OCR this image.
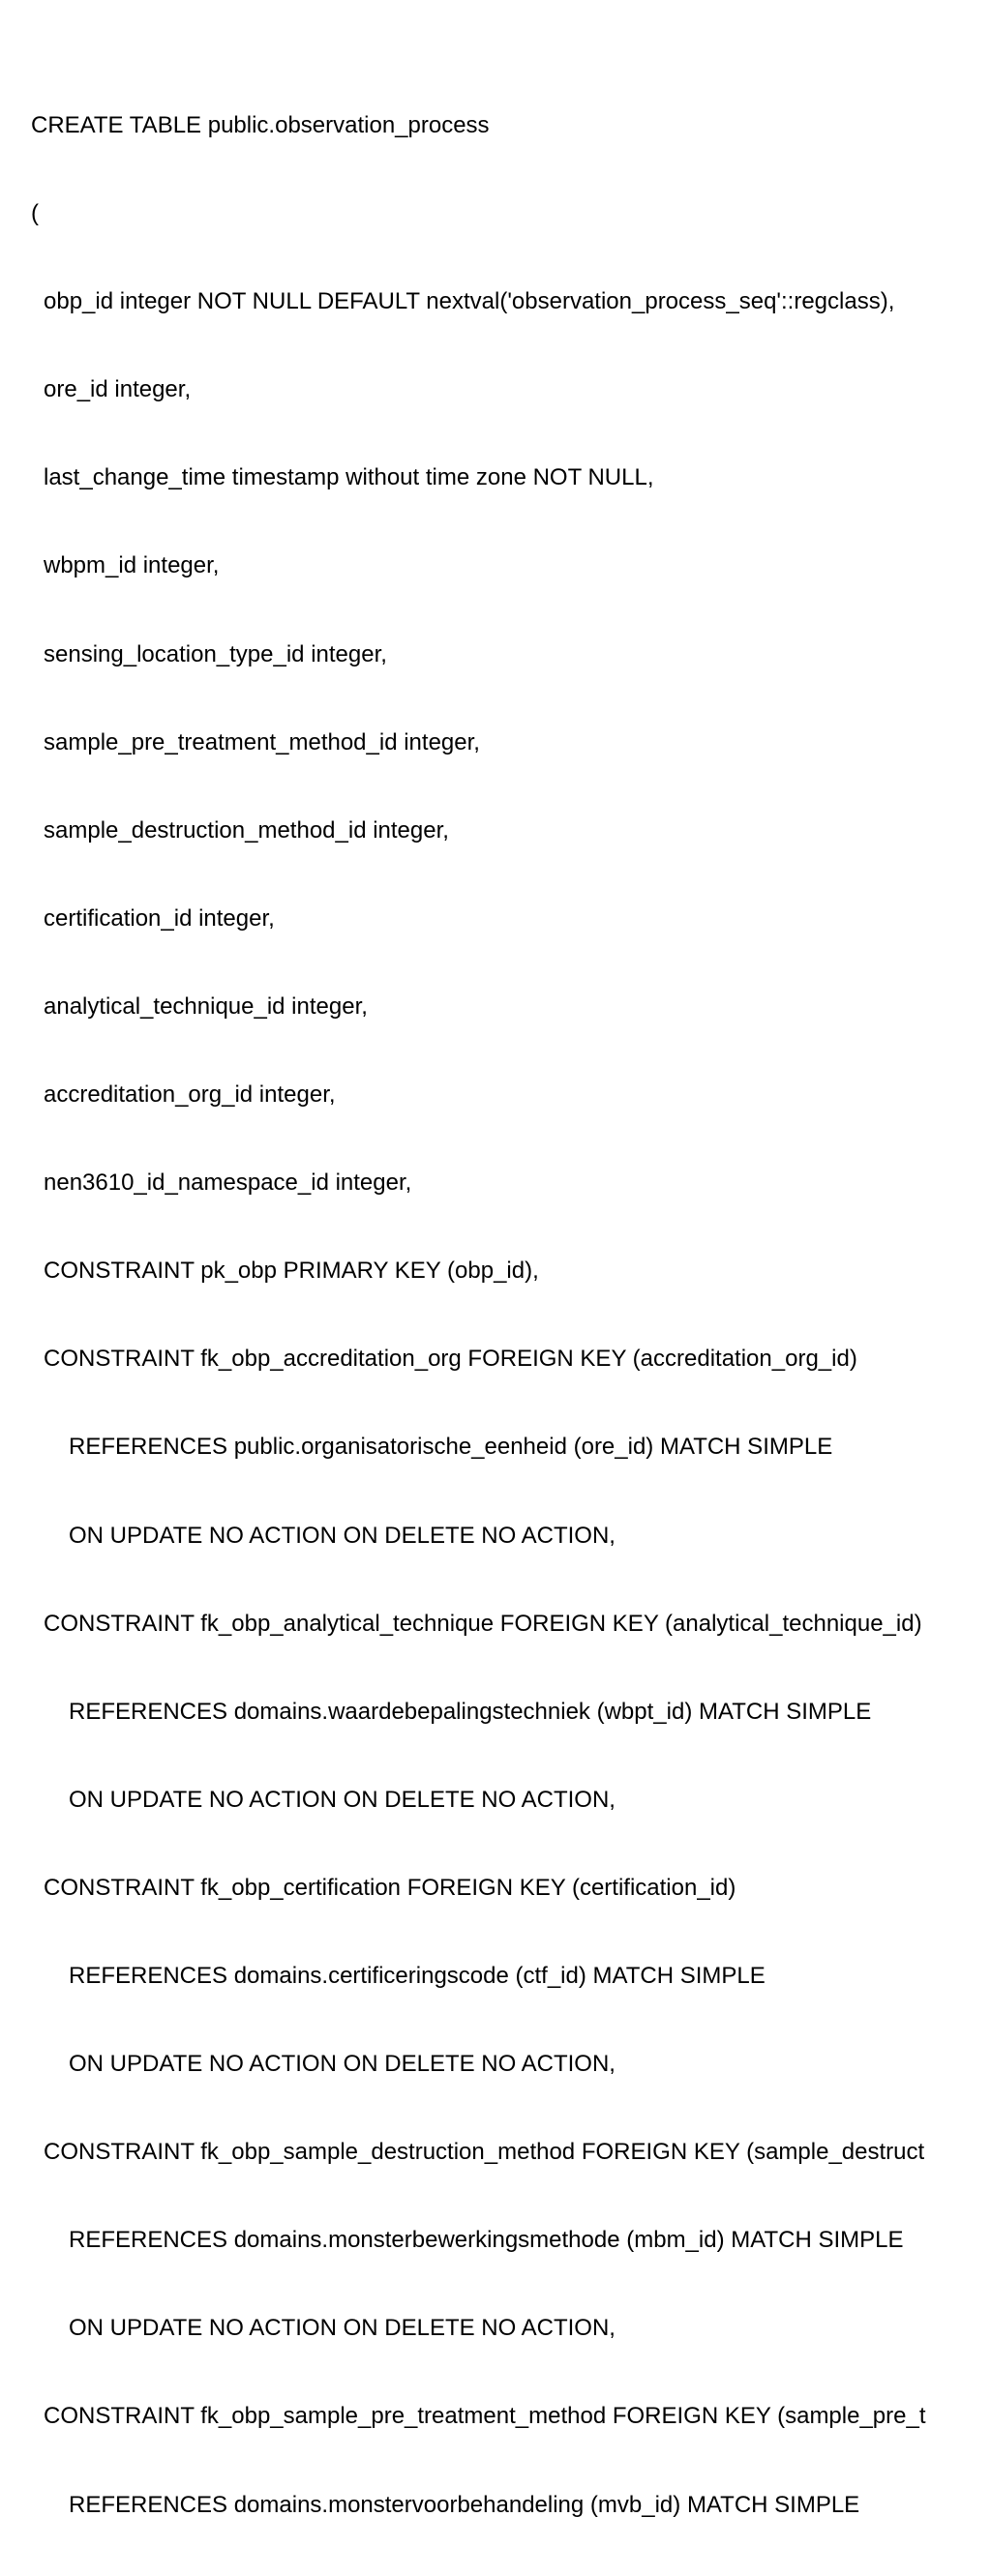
CREATE TABLE public.observation_process

(

obp_id integer NOT NULL DEFAULT nextval('observation_process_seq'::regclass),

ore_id integer,

last_change_time timestamp without time zone NOT NULL,

wbpm_id integer,

sensing_location_type_id integer,

sample_pre_treatment_method_id integer,

sample_destruction_method_id integer,

certification_id integer,

analytical_technique_id integer,

accreditation_org_id integer,

nen3610_id_namespace_id integer,

CONSTRAINT pk_obp PRIMARY KEY (obp_id),

CONSTRAINT fk_obp_accreditation_org FOREIGN KEY (accreditation_org_id)

REFERENCES public.organisatorische_eenheid (ore_id) MATCH SIMPLE

ON UPDATE NO ACTION ON DELETE NO ACTION,

CONSTRAINT fk_obp_analytical_technique FOREIGN KEY (analytical_technique_id)

REFERENCES domains.waardebepalingstechniek (wbpt_id) MATCH SIMPLE

ON UPDATE NO ACTION ON DELETE NO ACTION,

CONSTRAINT fk_obp_certification FOREIGN KEY (certification_id)

REFERENCES domains.certificeringscode (ctf_id) MATCH SIMPLE

ON UPDATE NO ACTION ON DELETE NO ACTION,

CONSTRAINT fk_obp_sample_destruction_method FOREIGN KEY (sample_destruct

REFERENCES domains.monsterbewerkingsmethode (mbm_id) MATCH SIMPLE

ON UPDATE NO ACTION ON DELETE NO ACTION,

CONSTRAINT fk_obp_sample_pre_treatment_method FOREIGN KEY (sample_pre_t

REFERENCES domains.monstervoorbehandeling (mvb_id) MATCH SIMPLE
